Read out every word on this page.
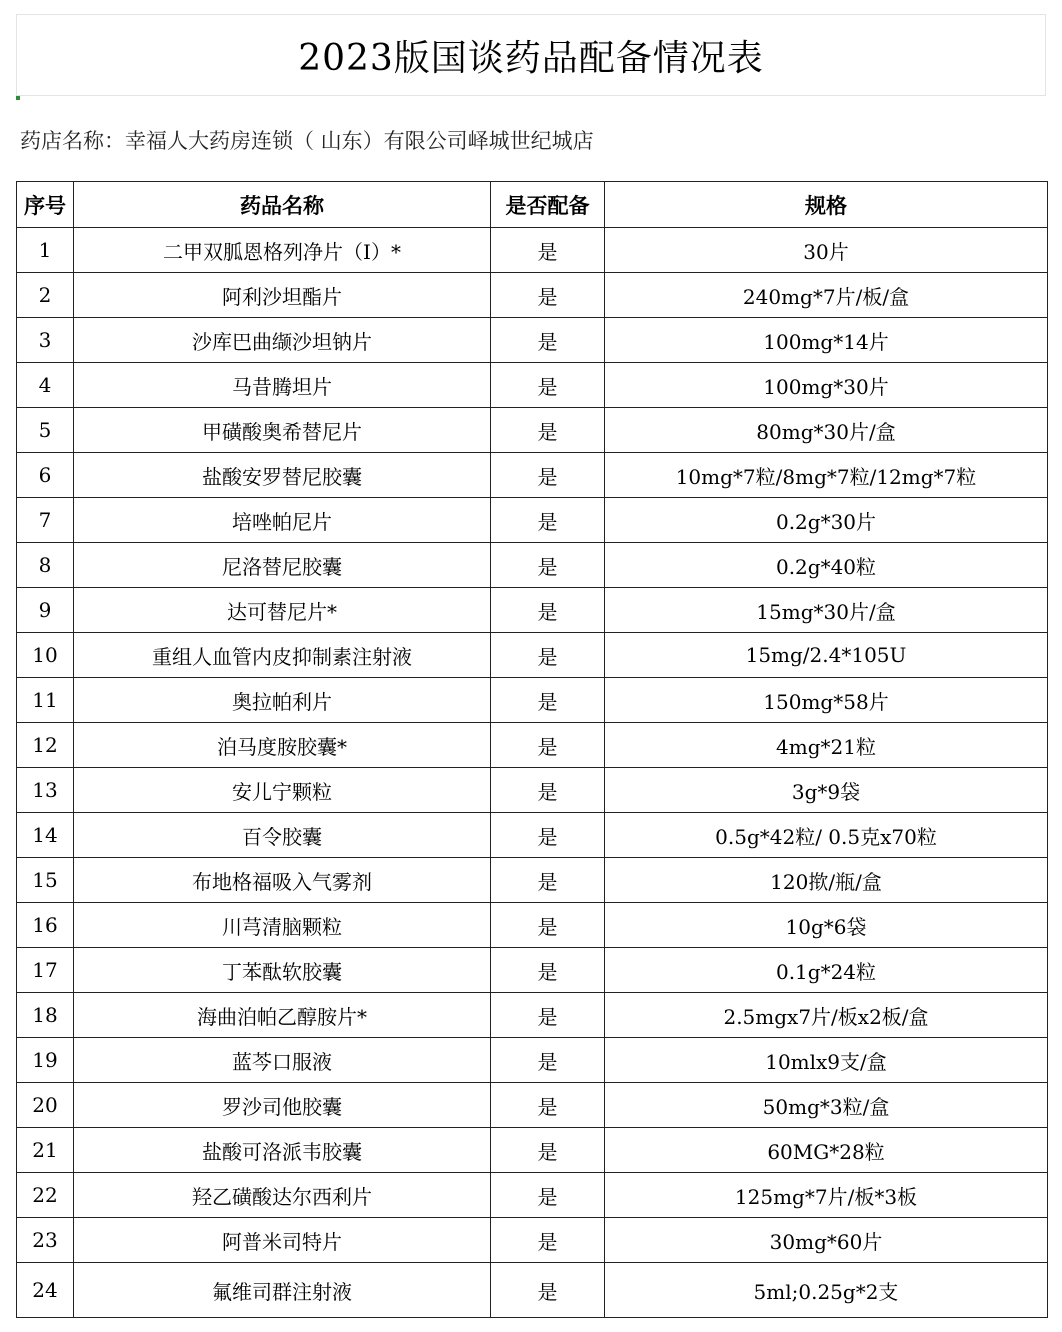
2023版国谈药品配备情况表
药店名称：幸福人大药房连锁（ 山东）有限公司峄城世纪城店
序号	药品名称	是否配备	规格
1	二甲双胍恩格列净片（Ⅰ）*	是	30片
2	阿利沙坦酯片	是	240mg*7片/板/盒
3	沙库巴曲缬沙坦钠片	是	100mg*14片
4	马昔腾坦片	是	100mg*30片
5	甲磺酸奥希替尼片	是	80mg*30片/盒
6	盐酸安罗替尼胶囊	是	10mg*7粒/8mg*7粒/12mg*7粒
7	培唑帕尼片	是	0.2g*30片
8	尼洛替尼胶囊	是	0.2g*40粒
9	达可替尼片*	是	15mg*30片/盒
10	重组人血管内皮抑制素注射液	是	15mg/2.4*105U
11	奥拉帕利片	是	150mg*58片
12	泊马度胺胶囊*	是	4mg*21粒
13	安儿宁颗粒	是	3g*9袋
14	百令胶囊	是	0.5g*42粒/ 0.5克x70粒
15	布地格福吸入气雾剂	是	120揿/瓶/盒
16	川芎清脑颗粒	是	10g*6袋
17	丁苯酞软胶囊	是	0.1g*24粒
18	海曲泊帕乙醇胺片*	是	2.5mgx7片/板x2板/盒
19	蓝芩口服液	是	10mlx9支/盒
20	罗沙司他胶囊	是	50mg*3粒/盒
21	盐酸可洛派韦胶囊	是	60MG*28粒
22	羟乙磺酸达尔西利片	是	125mg*7片/板*3板
23	阿普米司特片	是	30mg*60片
24	氟维司群注射液	是	5ml;0.25g*2支
